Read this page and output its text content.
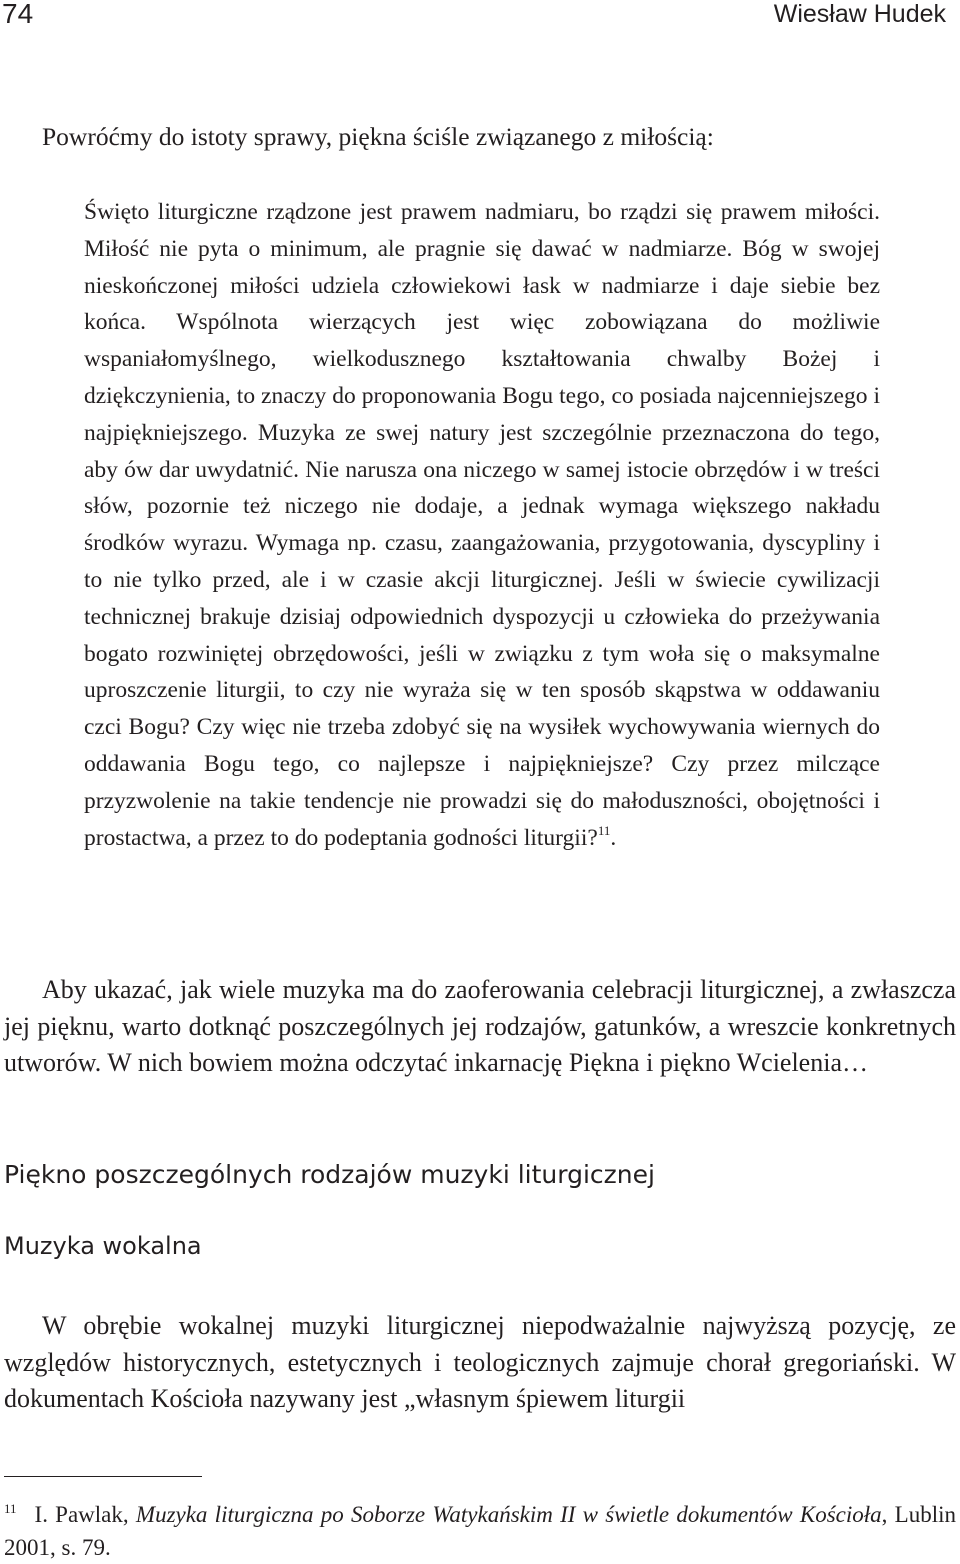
74	Wiesław Hudek

Powróćmy do istoty sprawy, piękna ściśle związanego z miłością:

Święto liturgiczne rządzone jest prawem nadmiaru, bo rządzi się prawem miłości. Miłość nie pyta o minimum, ale pragnie się dawać w nadmiarze. Bóg w swojej nieskończonej miłości udziela człowiekowi łask w nadmiarze i daje siebie bez końca. Wspólnota wierzących jest więc zobowiązana do możliwie wspaniałomyślnego, wielkodusznego kształtowania chwalby Bożej i dziękczynienia, to znaczy do proponowania Bogu tego, co posiada najcenniejszego i najpiękniejszego. Muzyka ze swej natury jest szczególnie przeznaczona do tego, aby ów dar uwydatnić. Nie narusza ona niczego w samej istocie obrzędów i w treści słów, pozornie też niczego nie dodaje, a jednak wymaga większego nakładu środków wyrazu. Wymaga np. czasu, zaangażowania, przygotowania, dyscypliny i to nie tylko przed, ale i w czasie akcji liturgicznej. Jeśli w świecie cywilizacji technicznej brakuje dzisiaj odpowiednich dyspozycji u człowieka do przeżywania bogato rozwiniętej obrzędowości, jeśli w związku z tym woła się o maksymalne uproszczenie liturgii, to czy nie wyraża się w ten sposób skąpstwa w oddawaniu czci Bogu? Czy więc nie trzeba zdobyć się na wysiłek wychowywania wiernych do oddawania Bogu tego, co najlepsze i najpiękniejsze? Czy przez milczące przyzwolenie na takie tendencje nie prowadzi się do małoduszności, obojętności i prostactwa, a przez to do podeptania godności liturgii?$^{11}$.

Aby ukazać, jak wiele muzyka ma do zaoferowania celebracji liturgicznej, a zwłaszcza jej pięknu, warto dotknąć poszczególnych jej rodzajów, gatunków, a wreszcie konkretnych utworów. W nich bowiem można odczytać inkarnację Piękna i piękno Wcielenia…

Piękno poszczególnych rodzajów muzyki liturgicznej
Muzyka wokalna

W obrębie wokalnej muzyki liturgicznej niepodważalnie najwyższą pozycję, ze względów historycznych, estetycznych i teologicznych zajmuje chorał gregoriański. W dokumentach Kościoła nazywany jest „własnym śpiewem liturgii

$^{11}$ I. Pawlak, Muzyka liturgiczna po Soborze Watykańskim II w świetle dokumentów Kościoła, Lublin 2001, s. 79.
